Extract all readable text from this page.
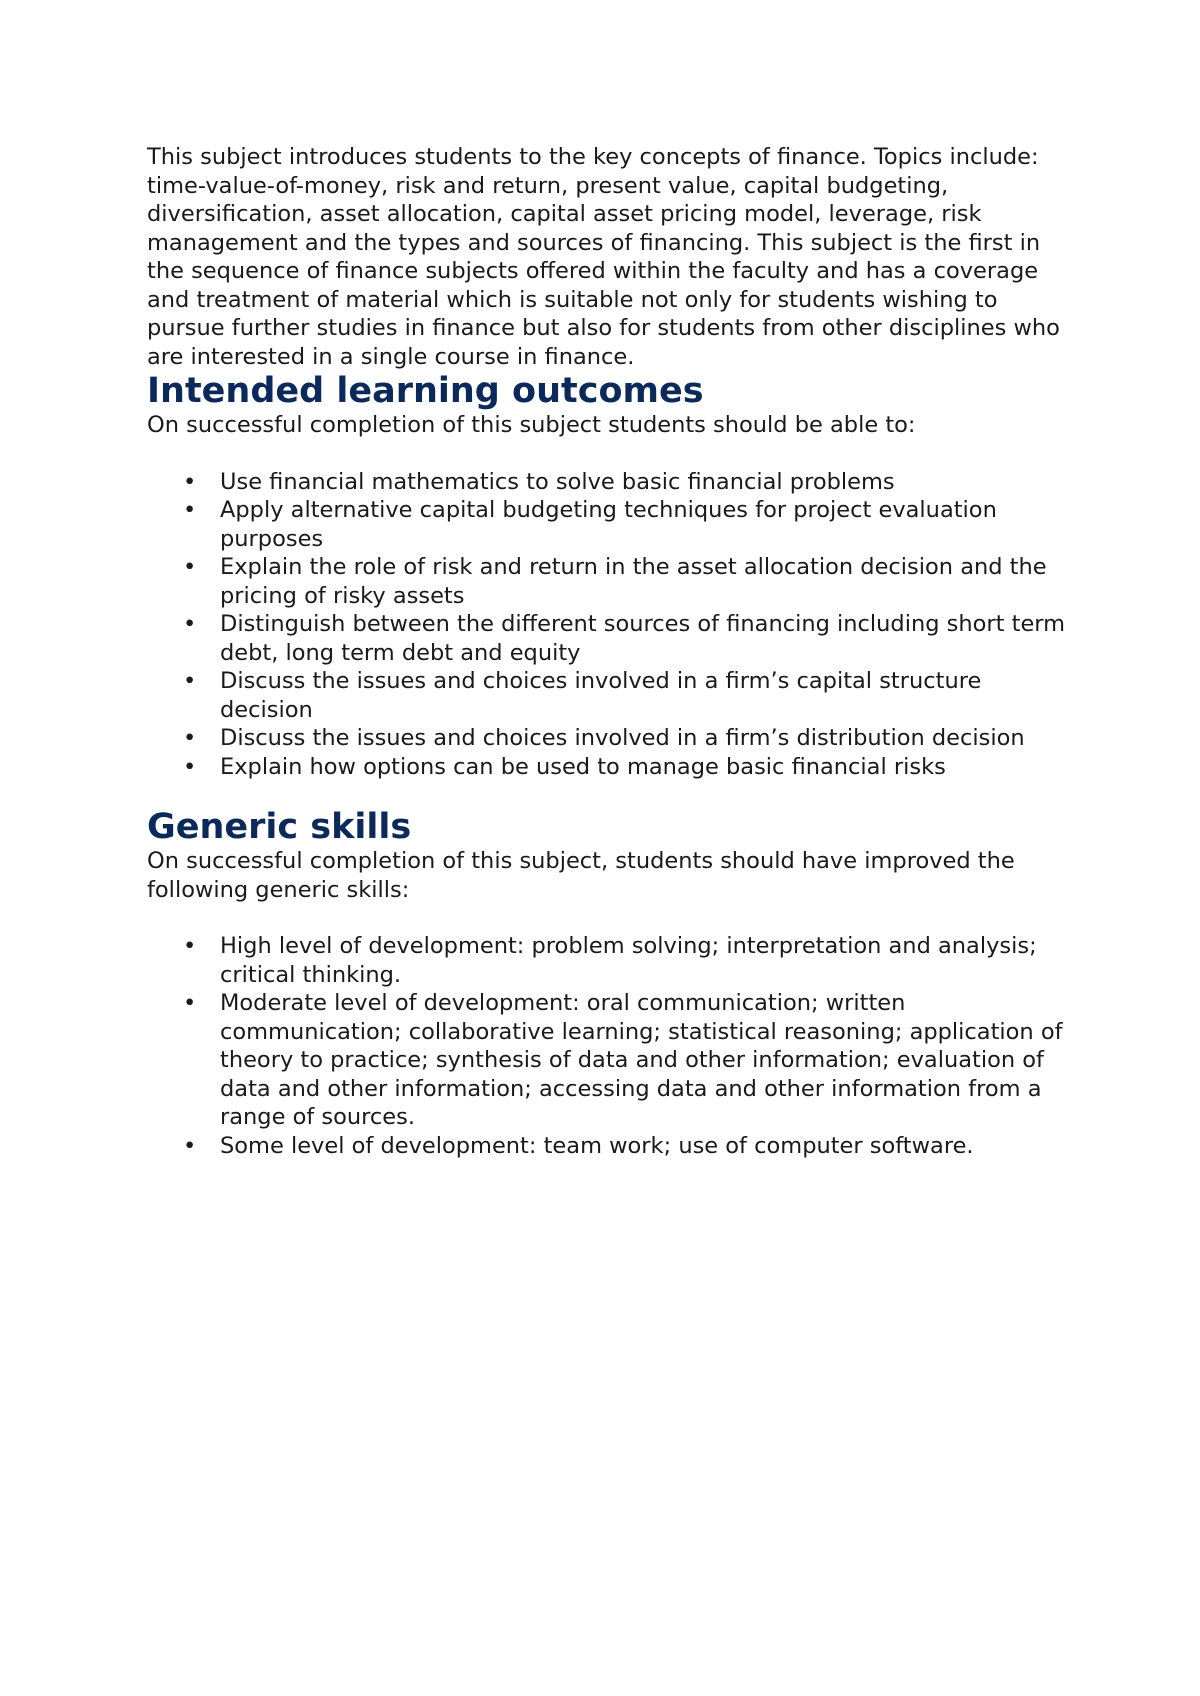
This subject introduces students to the key concepts of finance. Topics include: time-value-of-money, risk and return, present value, capital budgeting, diversification, asset allocation, capital asset pricing model, leverage, risk management and the types and sources of financing. This subject is the first in the sequence of finance subjects offered within the faculty and has a coverage and treatment of material which is suitable not only for students wishing to pursue further studies in finance but also for students from other disciplines who are interested in a single course in finance.

Intended learning outcomes

On successful completion of this subject students should be able to:

• Use financial mathematics to solve basic financial problems
• Apply alternative capital budgeting techniques for project evaluation purposes
• Explain the role of risk and return in the asset allocation decision and the pricing of risky assets
• Distinguish between the different sources of financing including short term debt, long term debt and equity
• Discuss the issues and choices involved in a firm’s capital structure decision
• Discuss the issues and choices involved in a firm’s distribution decision
• Explain how options can be used to manage basic financial risks
Generic skills

On successful completion of this subject, students should have improved the following generic skills:

• High level of development: problem solving; interpretation and analysis; critical thinking.
• Moderate level of development: oral communication; written communication; collaborative learning; statistical reasoning; application of theory to practice; synthesis of data and other information; evaluation of data and other information; accessing data and other information from a range of sources.
• Some level of development: team work; use of computer software.
